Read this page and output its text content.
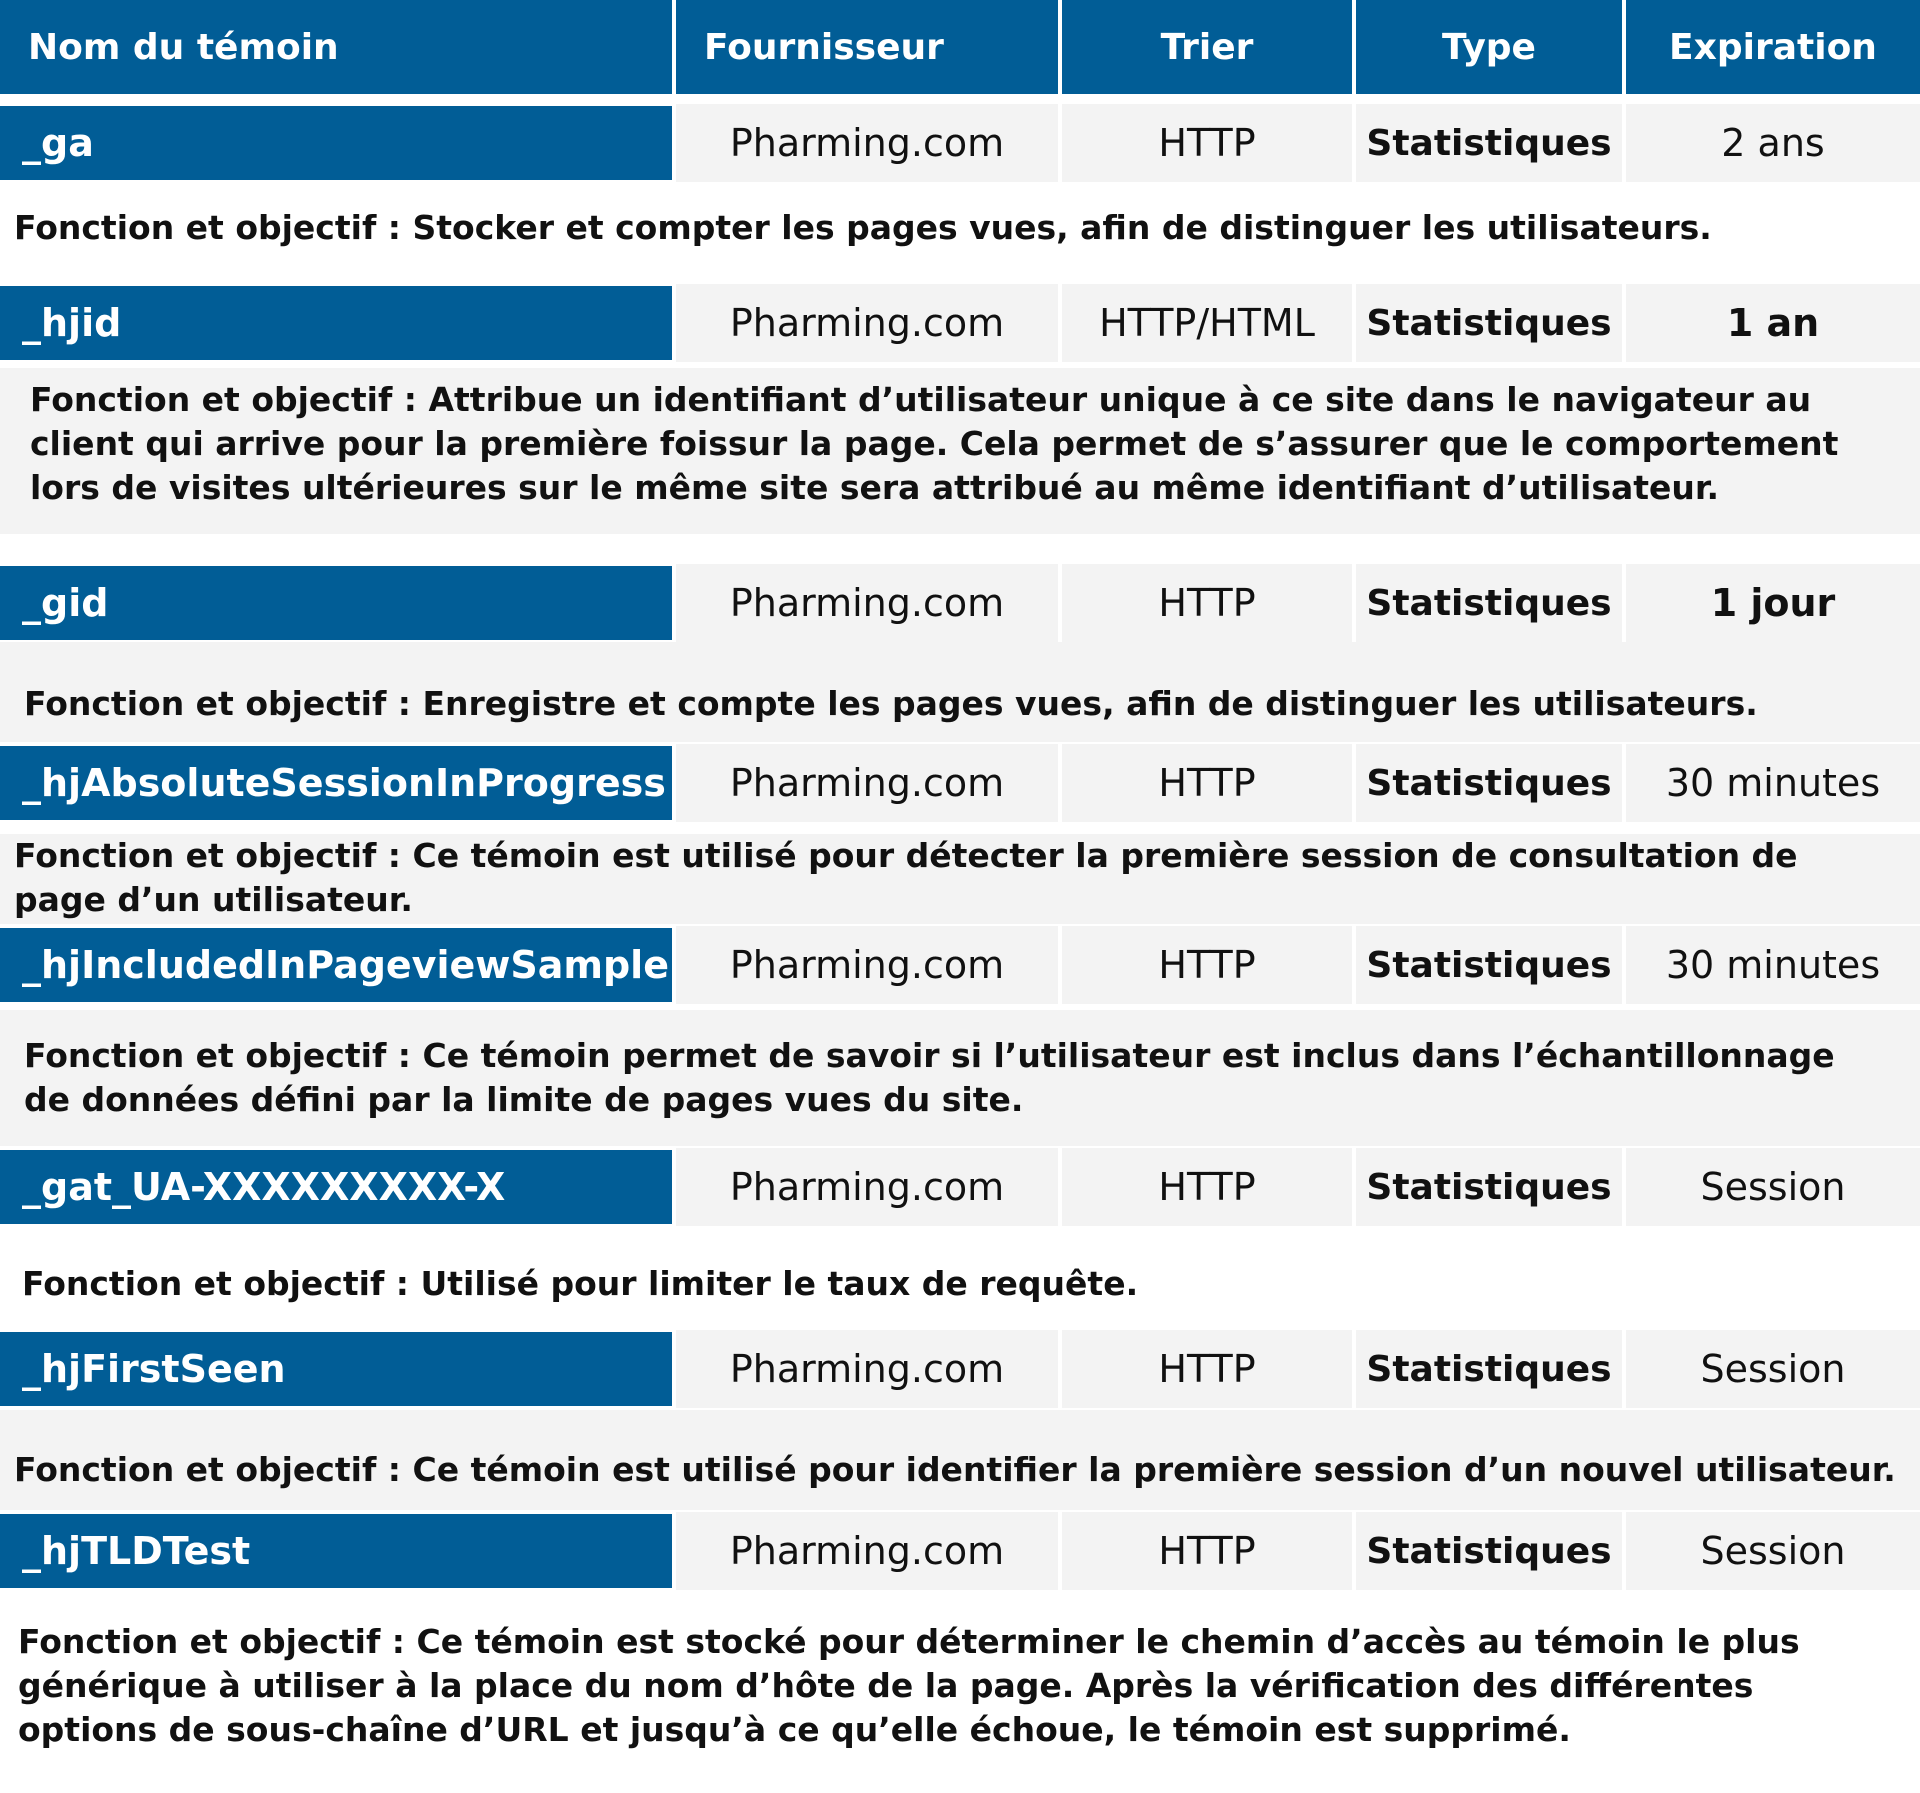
Nom du témoin	Fournisseur	Trier	Type	Expiration
_ga	Pharming.com	HTTP	Statistiques	2 ans
Fonction et objectif : Stocker et compter les pages vues, afin de distinguer les utilisateurs.
_hjid	Pharming.com	HTTP/HTML	Statistiques	1 an
Fonction et objectif : Attribue un identifiant d’utilisateur unique à ce site dans le navigateur au client qui arrive pour la première foissur la page. Cela permet de s’assurer que le comportement lors de visites ultérieures sur le même site sera attribué au même identifiant d’utilisateur.
_gid	Pharming.com	HTTP	Statistiques	1 jour
Fonction et objectif : Enregistre et compte les pages vues, afin de distinguer les utilisateurs.
_hjAbsoluteSessionInProgress	Pharming.com	HTTP	Statistiques	30 minutes
Fonction et objectif : Ce témoin est utilisé pour détecter la première session de consultation de page d’un utilisateur.
_hjIncludedInPageviewSample	Pharming.com	HTTP	Statistiques	30 minutes
Fonction et objectif : Ce témoin permet de savoir si l’utilisateur est inclus dans l’échantillonnage de données défini par la limite de pages vues du site.
_gat_UA-XXXXXXXXX-X	Pharming.com	HTTP	Statistiques	Session
Fonction et objectif : Utilisé pour limiter le taux de requête.
_hjFirstSeen	Pharming.com	HTTP	Statistiques	Session
Fonction et objectif : Ce témoin est utilisé pour identifier la première session d’un nouvel utilisateur.
_hjTLDTest	Pharming.com	HTTP	Statistiques	Session
Fonction et objectif : Ce témoin est stocké pour déterminer le chemin d’accès au témoin le plus générique à utiliser à la place du nom d’hôte de la page. Après la vérification des différentes options de sous-chaîne d’URL et jusqu’à ce qu’elle échoue, le témoin est supprimé.
